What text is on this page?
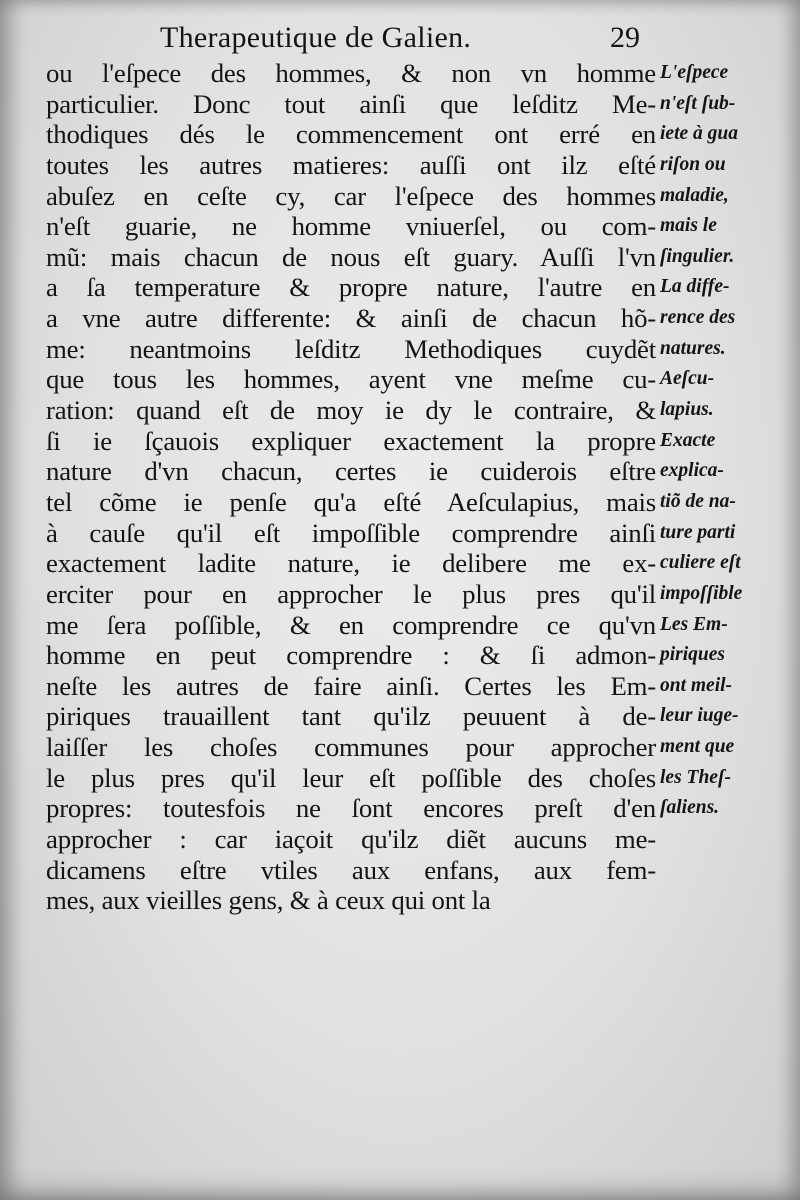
Therapeutique de Galien.	29
ou l'eſpece des hommes, & non vn homme
particulier. Donc tout ainſi que leſditz Me-
thodiques dés le commencement ont erré en
toutes les autres matieres: auſſi ont ilz eſté
abuſez en ceſte cy, car l'eſpece des hommes
n'eſt guarie, ne homme vniuerſel, ou com-
mũ: mais chacun de nous eſt guary. Auſſi l'vn
a ſa temperature & propre nature, l'autre en
a vne autre differente: & ainſi de chacun hõ-
me: neantmoins leſditz Methodiques cuydẽt
que tous les hommes, ayent vne meſme cu-
ration: quand eſt de moy ie dy le contraire, &
ſi ie ſçauois expliquer exactement la propre
nature d'vn chacun, certes ie cuiderois eſtre
tel cõme ie penſe qu'a eſté Aeſculapius, mais
à cauſe qu'il eſt impoſſible comprendre ainſi
exactement ladite nature, ie delibere me ex-
erciter pour en approcher le plus pres qu'il
me ſera poſſible, & en comprendre ce qu'vn
homme en peut comprendre : & ſi admon-
neſte les autres de faire ainſi. Certes les Em-
piriques trauaillent tant qu'ilz peuuent à de-
laiſſer les choſes communes pour approcher
le plus pres qu'il leur eſt poſſible des choſes
propres: toutesfois ne ſont encores preſt d'en
approcher : car iaçoit qu'ilz diẽt aucuns me-
dicamens eſtre vtiles aux enfans, aux fem-
mes, aux vieilles gens, & à ceux qui ont la
L'eſpece
n'eſt ſub-
iete à gua
riſon ou
maladie,
mais le
ſingulier.
La diffe-
rence des
natures.
Aeſcu-
lapius.
Exacte
explica-
tiõ de na-
ture parti
culiere eſt
impoſſible
Les Em-
piriques
ont meil-
leur iuge-
ment que
les Theſ-
ſaliens.
